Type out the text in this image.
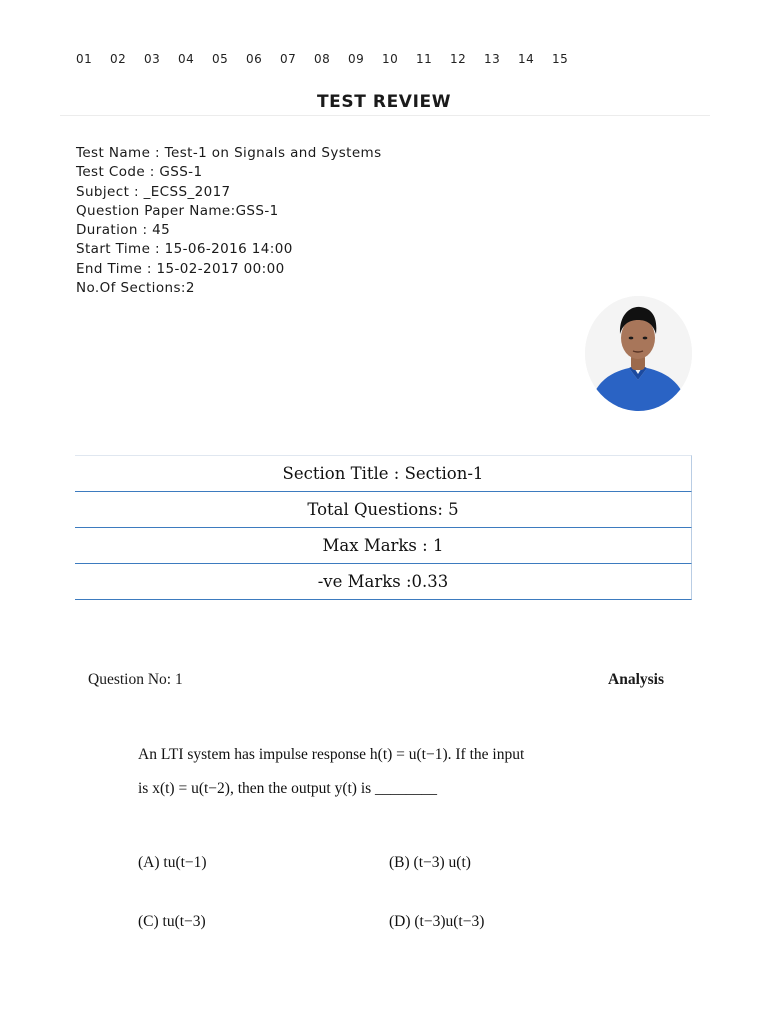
01	02	03	04	05	06	07	08	09	10	11	12	13	14	15
TEST REVIEW
Test Name : Test-1 on Signals and Systems
Test Code : GSS-1
Subject : _ECSS_2017
Question Paper Name:GSS-1
Duration : 45
Start Time : 15-06-2016 14:00
End Time : 15-02-2017 00:00
No.Of Sections:2
Section Title : Section-1
Total Questions: 5
Max Marks : 1
-ve Marks :0.33
Question No: 1	Analysis
An LTI system has impulse response h(t) = u(t−1). If the input
is x(t) = u(t−2), then the output y(t) is ________
(A) tu(t−1)	(B) (t−3) u(t)
(C) tu(t−3)	(D) (t−3)u(t−3)
